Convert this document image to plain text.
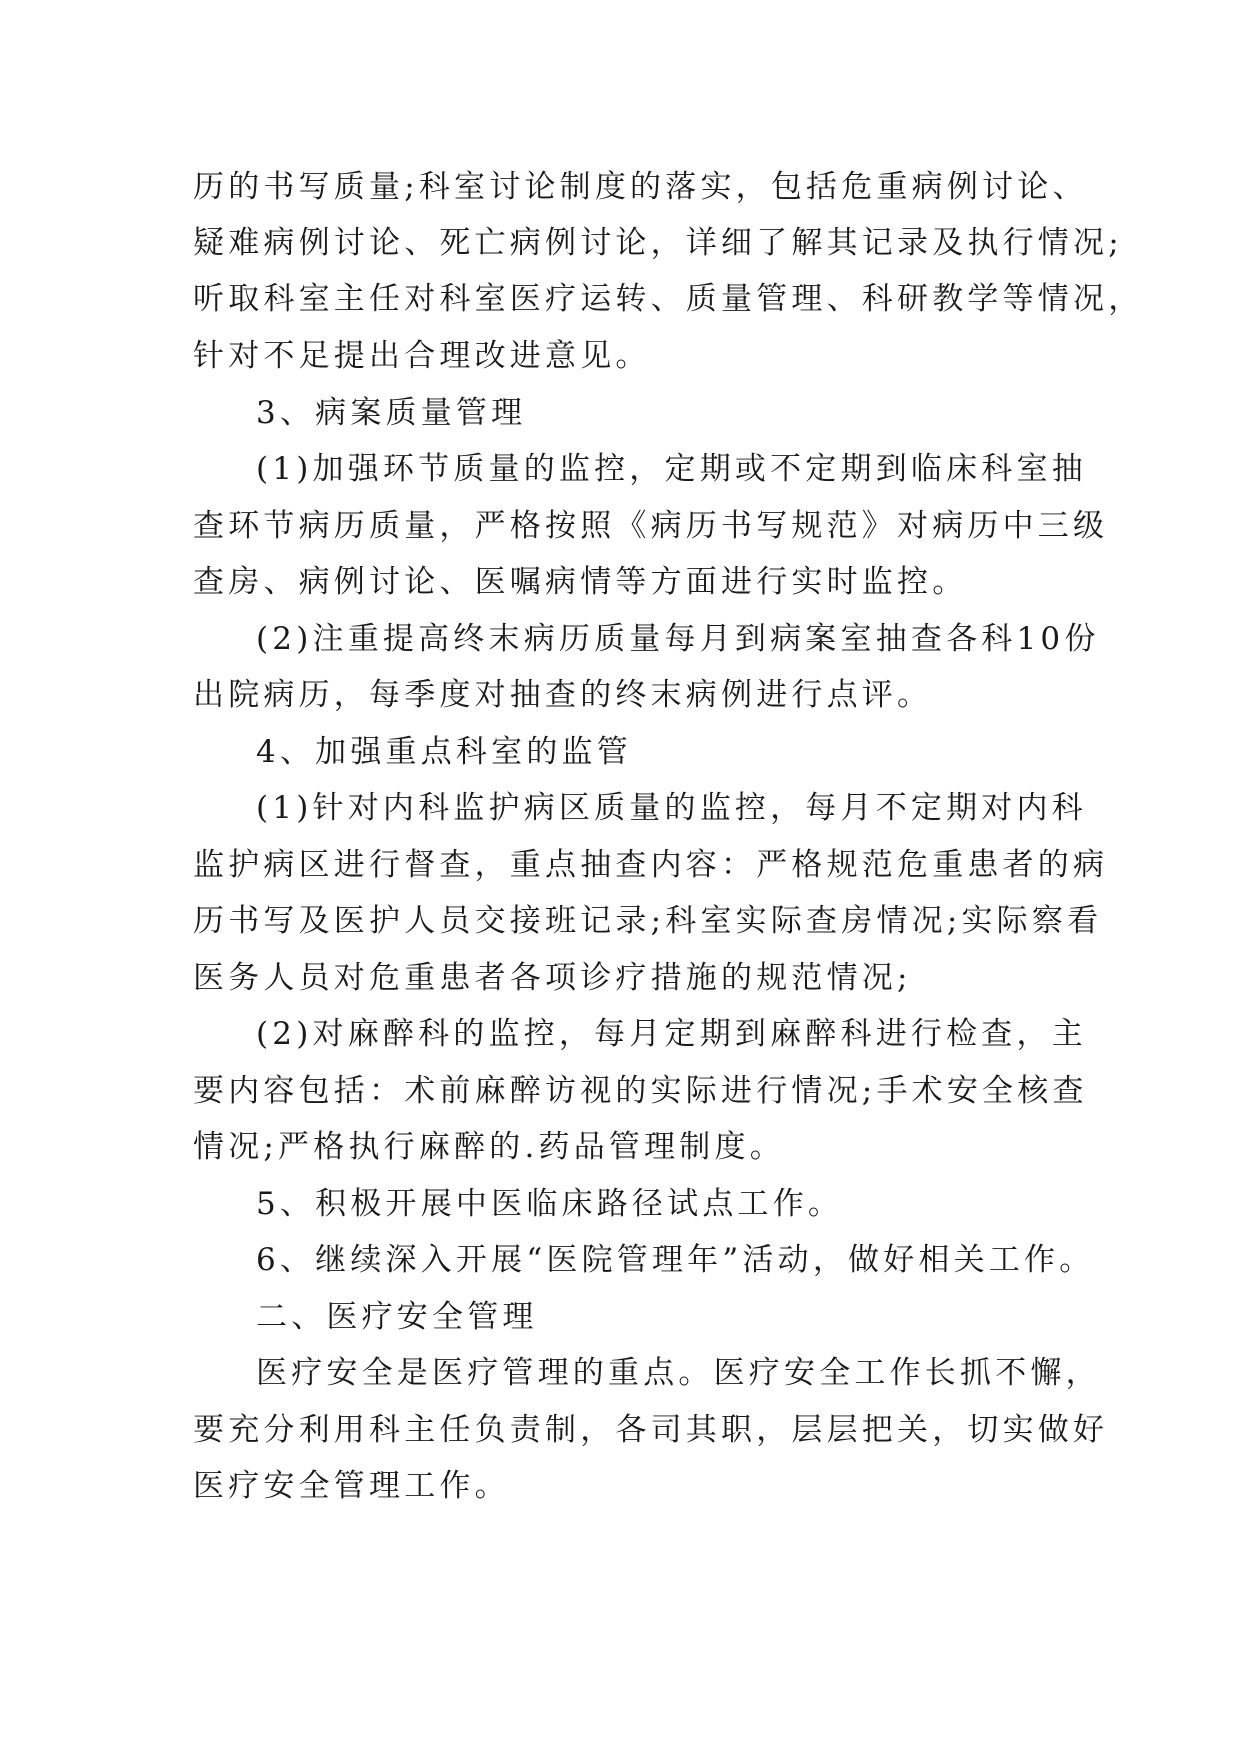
历的书写质量;科室讨论制度的落实，包括危重病例讨论、
疑难病例讨论、死亡病例讨论，详细了解其记录及执行情况;
听取科室主任对科室医疗运转、质量管理、科研教学等情况，
针对不足提出合理改进意见。
3、病案质量管理
(1)加强环节质量的监控，定期或不定期到临床科室抽
查环节病历质量，严格按照《病历书写规范》对病历中三级
查房、病例讨论、医嘱病情等方面进行实时监控。
(2)注重提高终末病历质量每月到病案室抽查各科10份
出院病历，每季度对抽查的终末病例进行点评。
4、加强重点科室的监管
(1)针对内科监护病区质量的监控，每月不定期对内科
监护病区进行督查，重点抽查内容：严格规范危重患者的病
历书写及医护人员交接班记录;科室实际查房情况;实际察看
医务人员对危重患者各项诊疗措施的规范情况;
(2)对麻醉科的监控，每月定期到麻醉科进行检查，主
要内容包括：术前麻醉访视的实际进行情况;手术安全核查
情况;严格执行麻醉的.药品管理制度。
5、积极开展中医临床路径试点工作。
6、继续深入开展“医院管理年”活动，做好相关工作。
二、医疗安全管理
医疗安全是医疗管理的重点。医疗安全工作长抓不懈，
要充分利用科主任负责制，各司其职，层层把关，切实做好
医疗安全管理工作。
